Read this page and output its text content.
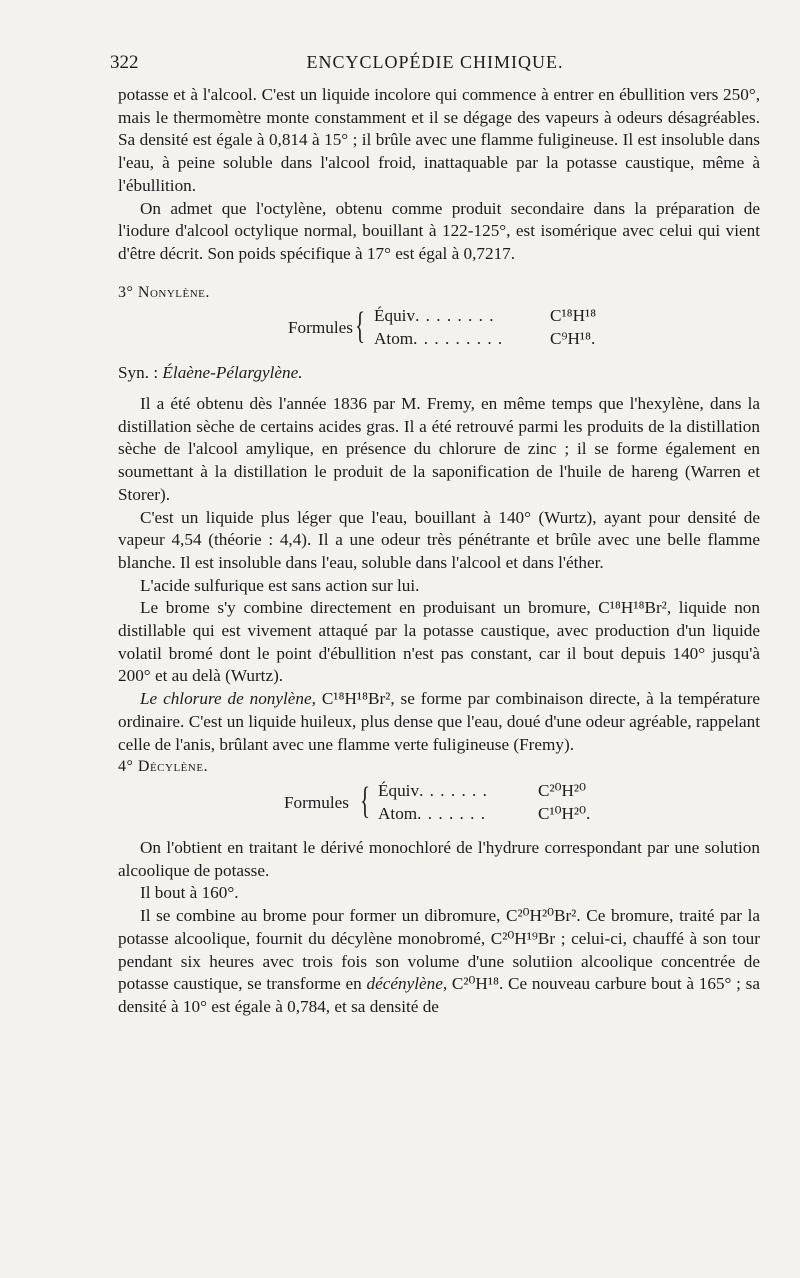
322	ENCYCLOPÉDIE CHIMIQUE.

potasse et à l'alcool. C'est un liquide incolore qui commence à entrer en ébullition vers 250°, mais le thermomètre monte constamment et il se dégage des vapeurs à odeurs désagréables. Sa densité est égale à 0,814 à 15° ; il brûle avec une flamme fuligineuse. Il est insoluble dans l'eau, à peine soluble dans l'alcool froid, inattaquable par la potasse caustique, même à l'ébullition.

On admet que l'octylène, obtenu comme produit secondaire dans la préparation de l'iodure d'alcool octylique normal, bouillant à 122-125°, est isomérique avec celui qui vient d'être décrit. Son poids spécifique à 17° est égal à 0,7217.

3° Nonylène.

Formules { Équiv. . . . . . . .	C¹⁸H¹⁸
Atom. . . . . . . . .	C⁹H¹⁸.

Syn. : Élaène-Pélargylène.

Il a été obtenu dès l'année 1836 par M. Fremy, en même temps que l'hexylène, dans la distillation sèche de certains acides gras. Il a été retrouvé parmi les produits de la distillation sèche de l'alcool amylique, en présence du chlorure de zinc ; il se forme également en soumettant à la distillation le produit de la saponification de l'huile de hareng (Warren et Storer).

C'est un liquide plus léger que l'eau, bouillant à 140° (Wurtz), ayant pour densité de vapeur 4,54 (théorie : 4,4). Il a une odeur très pénétrante et brûle avec une belle flamme blanche. Il est insoluble dans l'eau, soluble dans l'alcool et dans l'éther.

L'acide sulfurique est sans action sur lui.

Le brome s'y combine directement en produisant un bromure, C¹⁸H¹⁸Br², liquide non distillable qui est vivement attaqué par la potasse caustique, avec production d'un liquide volatil bromé dont le point d'ébullition n'est pas constant, car il bout depuis 140° jusqu'à 200° et au delà (Wurtz).

Le chlorure de nonylène, C¹⁸H¹⁸Br², se forme par combinaison directe, à la température ordinaire. C'est un liquide huileux, plus dense que l'eau, doué d'une odeur agréable, rappelant celle de l'anis, brûlant avec une flamme verte fuligineuse (Fremy).

4° Décylène.

Formules { Équiv. . . . . . .	C²⁰H²⁰
Atom. . . . . . .	C¹⁰H²⁰.

On l'obtient en traitant le dérivé monochloré de l'hydrure correspondant par une solution alcoolique de potasse.

Il bout à 160°.

Il se combine au brome pour former un dibromure, C²⁰H²⁰Br². Ce bromure, traité par la potasse alcoolique, fournit du décylène monobromé, C²⁰H¹⁹Br ; celui-ci, chauffé à son tour pendant six heures avec trois fois son volume d'une solutiion alcoolique concentrée de potasse caustique, se transforme en décénylène, C²⁰H¹⁸. Ce nouveau carbure bout à 165° ; sa densité à 10° est égale à 0,784, et sa densité de
